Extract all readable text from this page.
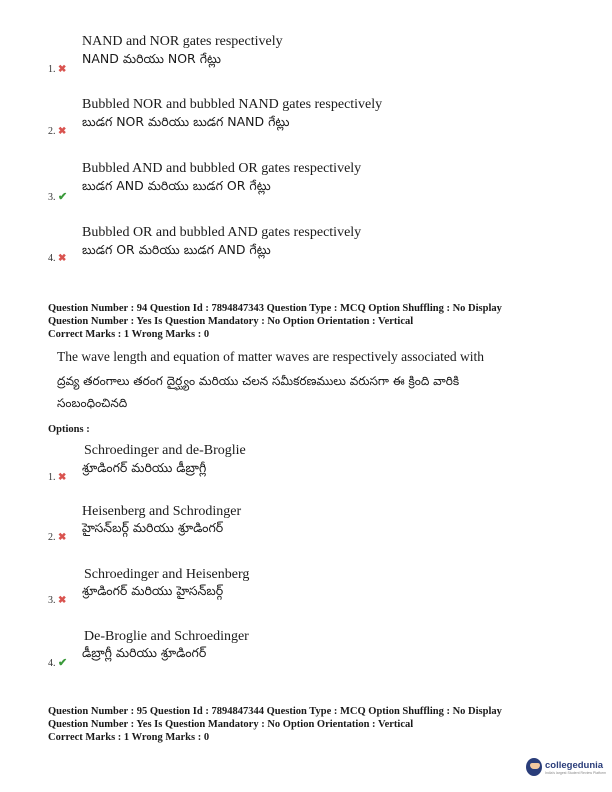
NAND and NOR gates respectively
NAND మరియు NOR గేట్లు
1. ✖
Bubbled NOR and bubbled NAND gates respectively
బుడగ NOR మరియు బుడగ NAND గేట్లు
2. ✖
Bubbled AND and bubbled OR gates respectively
బుడగ AND మరియు బుడగ OR గేట్లు
3. ✔
Bubbled OR and bubbled AND gates respectively
బుడగ OR మరియు బుడగ AND గేట్లు
4. ✖
Question Number : 94 Question Id : 7894847343 Question Type : MCQ Option Shuffling : No Display
Question Number : Yes Is Question Mandatory : No Option Orientation : Vertical
Correct Marks : 1 Wrong Marks : 0
The wave length and equation of matter waves are respectively associated with
ద్రవ్య తరంగాలు తరంగ దైర్ఘ్యం మరియు చలన సమీకరణములు వరుసగా ఈ క్రింది వారికి
సంబంధించినది
Options :
Schroedinger and de-Broglie
శ్రూడింగర్ మరియు డీబ్రాగ్లీ
1. ✖
Heisenberg and Schrodinger
హైసన్‌బర్గ్ మరియు శ్రూడింగర్
2. ✖
Schroedinger and Heisenberg
శ్రూడింగర్ మరియు హైసన్‌బర్గ్
3. ✖
De-Broglie and Schroedinger
డీబ్రాగ్లీ మరియు శ్రూడింగర్
4. ✔
Question Number : 95 Question Id : 7894847344 Question Type : MCQ Option Shuffling : No Display
Question Number : Yes Is Question Mandatory : No Option Orientation : Vertical
Correct Marks : 1 Wrong Marks : 0
collegedunia
India's largest Student Review Platform
